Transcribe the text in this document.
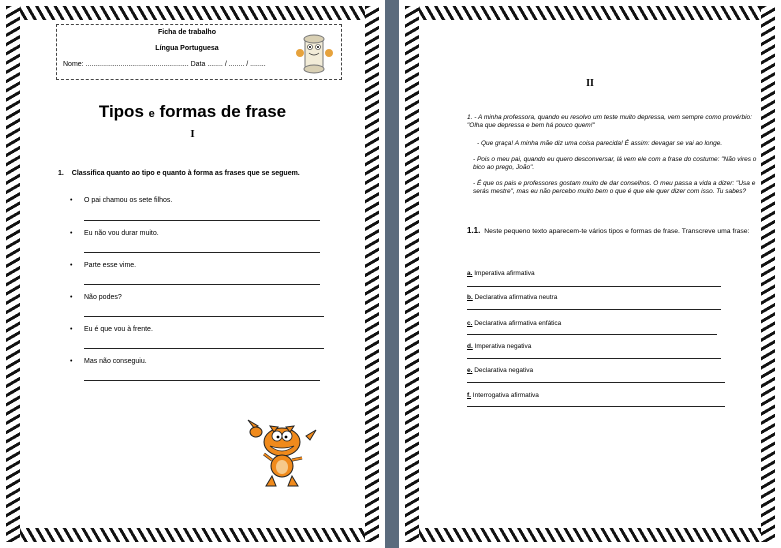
Ficha de trabalho
Língua Portuguesa
Nome: ..................................................... Data ........ / ........ / ........
Tipos e formas de frase
I
1. Classifica quanto ao tipo e quanto à forma as frases que se seguem.
• O pai chamou os sete filhos.
• Eu não vou durar muito.
• Parte esse vime.
• Não podes?
• Eu é que vou à frente.
• Mas não conseguiu.
II
1. - A minha professora, quando eu resolvo um teste muito depressa, vem sempre como provérbio: "Olha que depressa e bem há pouco quem!"
- Que graça! A minha mãe diz uma coisa parecida! É assim: devagar se vai ao longe.
- Pois o meu pai, quando eu quero desconversar, lá vem ele com a frase do costume: "Não vires o bico ao prego, João".
- É que os pais e professores gostam muito de dar conselhos. O meu passa a vida a dizer: "Usa e serás mestre", mas eu não percebo muito bem o que é que ele quer dizer com isso. Tu sabes?
1.1. Neste pequeno texto aparecem-te vários tipos e formas de frase. Transcreve uma frase:
a. Imperativa afirmativa
b. Declarativa afirmativa neutra
c. Declarativa afirmativa enfática
d. Imperativa negativa
e. Declarativa negativa
f. Interrogativa afirmativa
